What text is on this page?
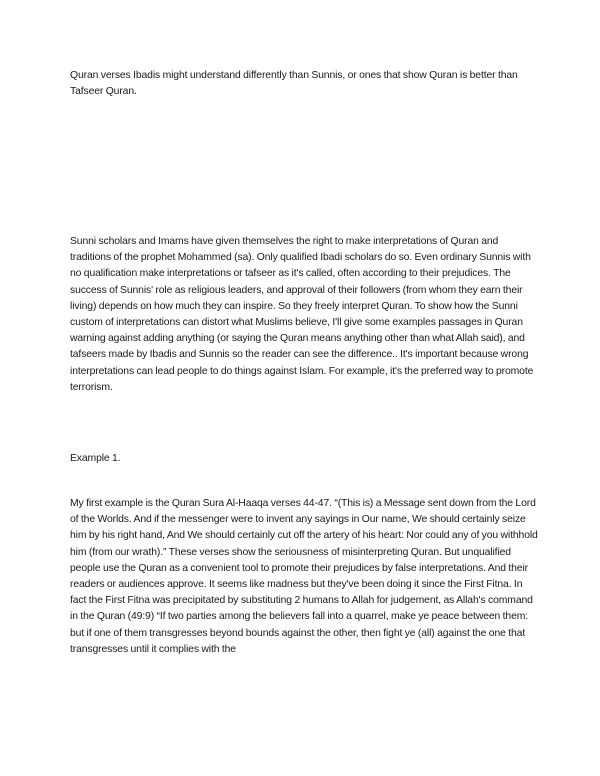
Quran verses Ibadis might understand differently than Sunnis, or ones that show Quran is better than Tafseer Quran.

Sunni scholars and Imams have given themselves the right to make interpretations of Quran and traditions of the prophet Mohammed (sa). Only qualified Ibadi scholars do so. Even ordinary Sunnis with no qualification make interpretations or tafseer as it's called, often according to their prejudices. The success of Sunnis' role as religious leaders, and approval of their followers (from whom they earn their living) depends on how much they can inspire. So they freely interpret Quran. To show how the Sunni custom of interpretations can distort what Muslims believe, I'll give some examples passages in Quran warning against adding anything (or saying the Quran means anything other than what Allah said), and tafseers made by Ibadis and Sunnis so the reader can see the difference.. It's important because wrong interpretations can lead people to do things against Islam. For example, it's the preferred way to promote terrorism.

Example 1.

My first example is the Quran Sura Al-Haaqa verses 44-47. “(This is) a Message sent down from the Lord of the Worlds. And if the messenger were to invent any sayings in Our name, We should certainly seize him by his right hand, And We should certainly cut off the artery of his heart: Nor could any of you withhold him (from our wrath).” These verses show the seriousness of misinterpreting Quran. But unqualified people use the Quran as a convenient tool to promote their prejudices by false interpretations. And their readers or audiences approve. It seems like madness but they've been doing it since the First Fitna. In fact the First Fitna was precipitated by substituting 2 humans to Allah for judgement, as Allah's command in the Quran (49:9) “If two parties among the believers fall into a quarrel, make ye peace between them: but if one of them transgresses beyond bounds against the other, then fight ye (all) against the one that transgresses until it complies with the
